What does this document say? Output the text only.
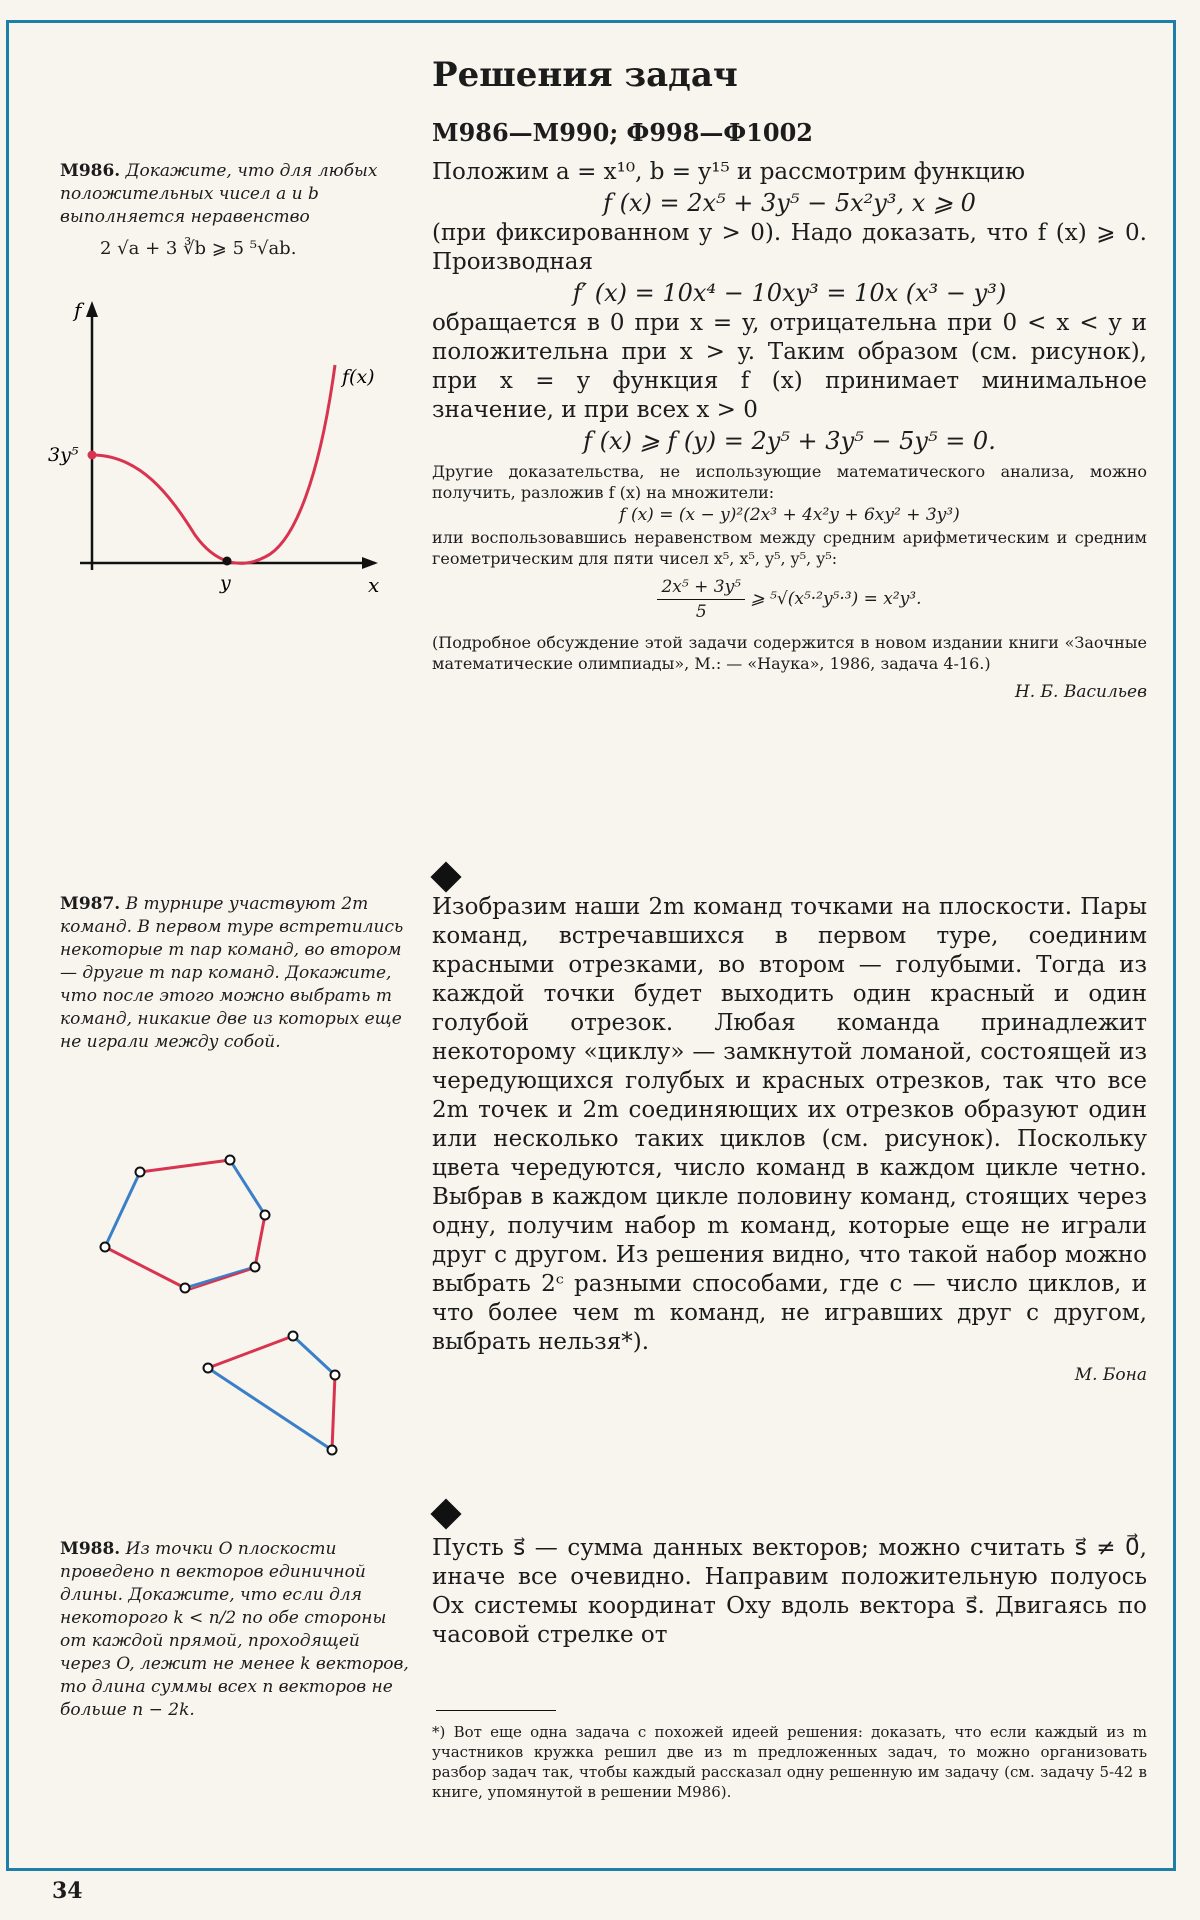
Решения задач
М986—М990; Ф998—Ф1002
М986. Докажите, что для любых положительных чисел a и b выполняется неравенство
2 √a + 3 ∛b ⩾ 5 ⁵√ab.
f
x
3y⁵
y
f(x)
Положим a = x¹⁰, b = y¹⁵ и рассмотрим функцию
f (x) = 2x⁵ + 3y⁵ − 5x²y³, x ⩾ 0
(при фиксированном y > 0). Надо доказать, что f (x) ⩾ 0. Производная
f′ (x) = 10x⁴ − 10xy³ = 10x (x³ − y³)
обращается в 0 при x = y, отрицательна при 0 < x < y и положительна при x > y. Таким образом (см. рисунок), при x = y функция f (x) принимает минимальное значение, и при всех x > 0
f (x) ⩾ f (y) = 2y⁵ + 3y⁵ − 5y⁵ = 0.
Другие доказательства, не использующие математического анализа, можно получить, разложив f (x) на множители:
f (x) = (x − y)²(2x³ + 4x²y + 6xy² + 3y³)
или воспользовавшись неравенством между средним арифметическим и средним геометрическим для пяти чисел x⁵, x⁵, y⁵, y⁵, y⁵:
$\frac{\text{2x⁵ + 3y⁵}}{5}$ ⩾ ⁵√(x⁵·²y⁵·³) = x²y³.
(Подробное обсуждение этой задачи содержится в новом издании книги «Заочные математические олимпиады», М.: — «Наука», 1986, задача 4-16.)
Н. Б. Васильев
М987. В турнире участвуют 2m команд. В первом туре встретились некоторые m пар команд, во втором — другие m пар команд. Докажите, что после этого можно выбрать m команд, никакие две из которых еще не играли между собой.
Изобразим наши 2m команд точками на плоскости. Пары команд, встречавшихся в первом туре, соединим красными отрезками, во втором — голубыми. Тогда из каждой точки будет выходить один красный и один голубой отрезок. Любая команда принадлежит некоторому «циклу» — замкнутой ломаной, состоящей из чередующихся голубых и красных отрезков, так что все 2m точек и 2m соединяющих их отрезков образуют один или несколько таких циклов (см. рисунок). Поскольку цвета чередуются, число команд в каждом цикле четно. Выбрав в каждом цикле половину команд, стоящих через одну, получим набор m команд, которые еще не играли друг с другом. Из решения видно, что такой набор можно выбрать 2ᶜ разными способами, где c — число циклов, и что более чем m команд, не игравших друг с другом, выбрать нельзя*).
М. Бона
М988. Из точки O плоскости проведено n векторов единичной длины. Докажите, что если для некоторого k < n/2 по обе стороны от каждой прямой, проходящей через O, лежит не менее k векторов, то длина суммы всех n векторов не больше n − 2k.
Пусть s⃗ — сумма данных векторов; можно считать s⃗ ≠ 0⃗, иначе все очевидно. Направим положительную полуось Ox системы координат Oxy вдоль вектора s⃗. Двигаясь по часовой стрелке от
*) Вот еще одна задача с похожей идеей решения: доказать, что если каждый из m участников кружка решил две из m предложенных задач, то можно организовать разбор задач так, чтобы каждый рассказал одну решенную им задачу (см. задачу 5-42 в книге, упомянутой в решении М986).
34
